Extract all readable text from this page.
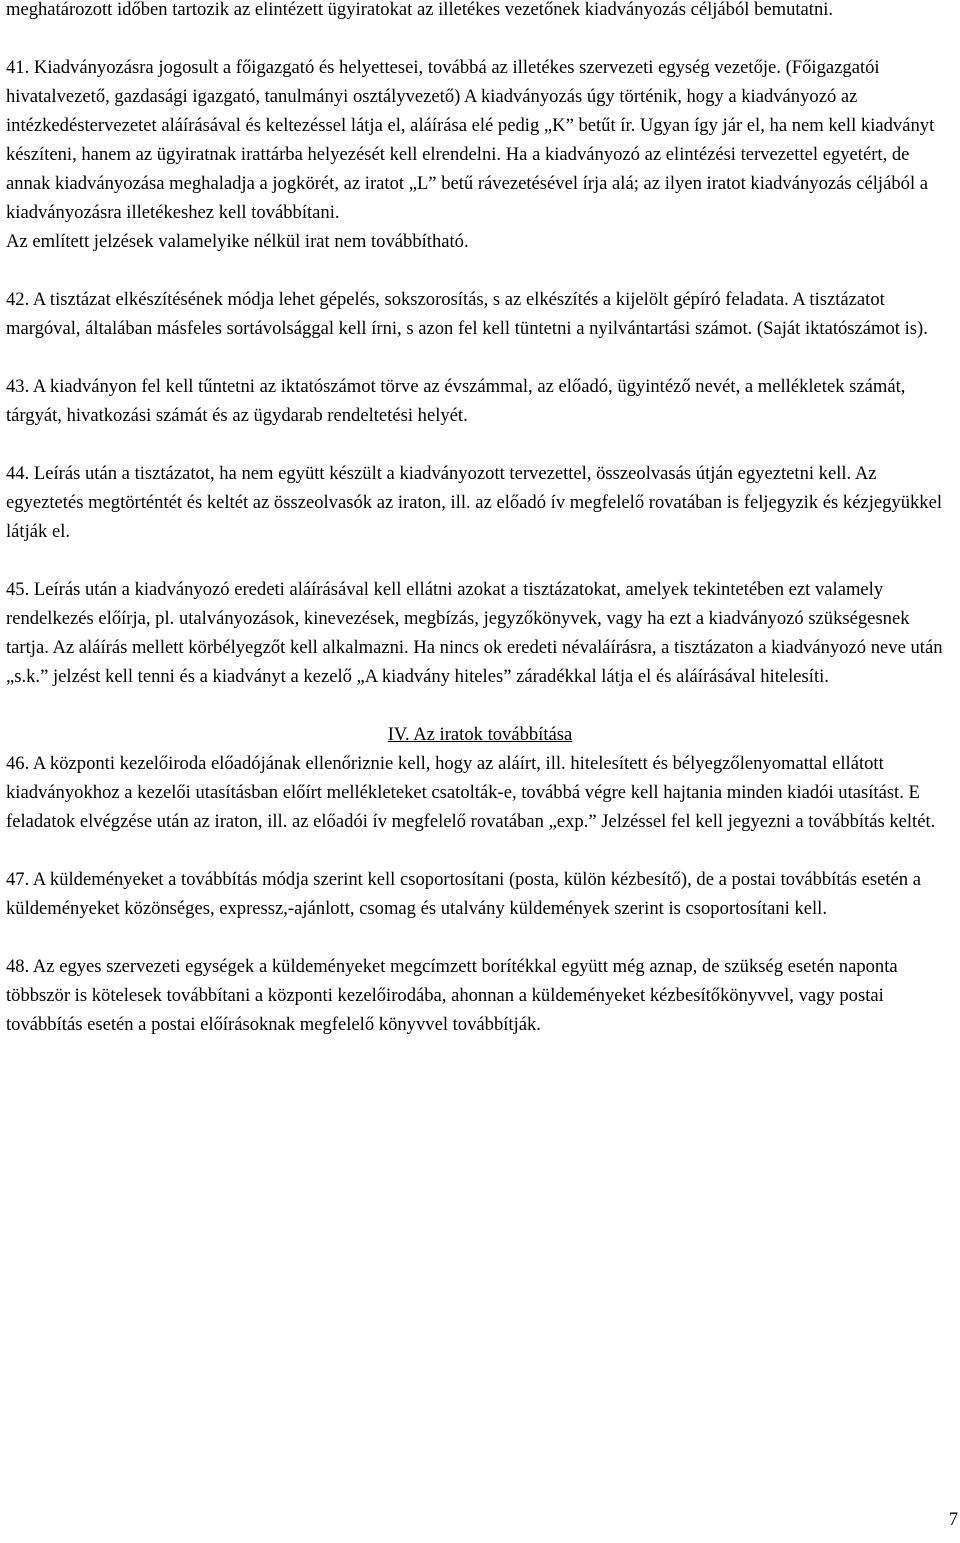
meghatározott időben tartozik az elintézett ügyiratokat az illetékes vezetőnek kiadványozás céljából bemutatni.

41. Kiadványozásra jogosult a főigazgató és helyettesei, továbbá az illetékes szervezeti egység vezetője. (Főigazgatói hivatalvezető, gazdasági igazgató, tanulmányi osztályvezető) A kiadványozás úgy történik, hogy a kiadványozó az intézkedéstervezetet aláírásával és keltezéssel látja el, aláírása elé pedig „K” betűt ír. Ugyan így jár el, ha nem kell kiadványt készíteni, hanem az ügyiratnak irattárba helyezését kell elrendelni. Ha a kiadványozó az elintézési tervezettel egyetért, de annak kiadványozása meghaladja a jogkörét, az iratot „L” betű rávezetésével írja alá; az ilyen iratot kiadványozás céljából a kiadványozásra illetékeshez kell továbbítani.

Az említett jelzések valamelyike nélkül irat nem továbbítható.

42. A tisztázat elkészítésének módja lehet gépelés, sokszorosítás, s az elkészítés a kijelölt gépíró feladata. A tisztázatot margóval, általában másfeles sortávolsággal kell írni, s azon fel kell tüntetni a nyilvántartási számot. (Saját iktatószámot is).

43. A kiadványon fel kell tűntetni az iktatószámot törve az évszámmal, az előadó, ügyintéző nevét, a mellékletek számát, tárgyát, hivatkozási számát és az ügydarab rendeltetési helyét.

44. Leírás után a tisztázatot, ha nem együtt készült a kiadványozott tervezettel, összeolvasás útján egyeztetni kell. Az egyeztetés megtörténtét és keltét az összeolvasók az iraton, ill. az előadó ív megfelelő rovatában is feljegyzik és kézjegyükkel látják el.

45. Leírás után a kiadványozó eredeti aláírásával kell ellátni azokat a tisztázatokat, amelyek tekintetében ezt valamely rendelkezés előírja, pl. utalványozások, kinevezések, megbízás, jegyzőkönyvek, vagy ha ezt a kiadványozó szükségesnek tartja. Az aláírás mellett körbélyegzőt kell alkalmazni. Ha nincs ok eredeti névaláírásra, a tisztázaton a kiadványozó neve után „s.k.” jelzést kell tenni és a kiadványt a kezelő „A kiadvány hiteles” záradékkal látja el és aláírásával hitelesíti.

IV. Az iratok továbbítása

46. A központi kezelőiroda előadójának ellenőriznie kell, hogy az aláírt, ill. hitelesített és bélyegzőlenyomattal ellátott kiadványokhoz a kezelői utasításban előírt mellékleteket csatolták-e, továbbá végre kell hajtania minden kiadói utasítást. E feladatok elvégzése után az iraton, ill. az előadói ív megfelelő rovatában „exp.” Jelzéssel fel kell jegyezni a továbbítás keltét.

47. A küldeményeket a továbbítás módja szerint kell csoportosítani (posta, külön kézbesítő), de a postai továbbítás esetén a küldeményeket közönséges, expressz,-ajánlott, csomag és utalvány küldemények szerint is csoportosítani kell.

48. Az egyes szervezeti egységek a küldeményeket megcímzett borítékkal együtt még aznap, de szükség esetén naponta többször is kötelesek továbbítani a központi kezelőirodába, ahonnan a küldeményeket kézbesítőkönyvvel, vagy postai továbbítás esetén a postai előírásoknak megfelelő könyvvel továbbítják.

7
